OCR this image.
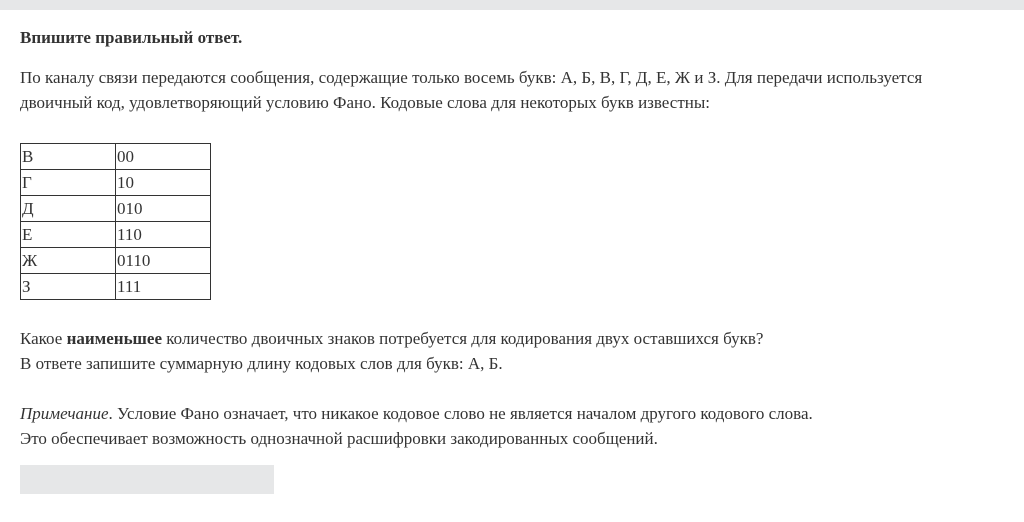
Впишите правильный ответ.

По каналу связи передаются сообщения, содержащие только восемь букв: А, Б, В, Г, Д, Е, Ж и З. Для передачи используется
двоичный код, удовлетворяющий условию Фано. Кодовые слова для некоторых букв известны:

В	00
Г	10
Д	010
Е	110
Ж	0110
З	111

Какое наименьшее количество двоичных знаков потребуется для кодирования двух оставшихся букв?
В ответе запишите суммарную длину кодовых слов для букв: А, Б.

Примечание. Условие Фано означает, что никакое кодовое слово не является началом другого кодового слова.
Это обеспечивает возможность однозначной расшифровки закодированных сообщений.
